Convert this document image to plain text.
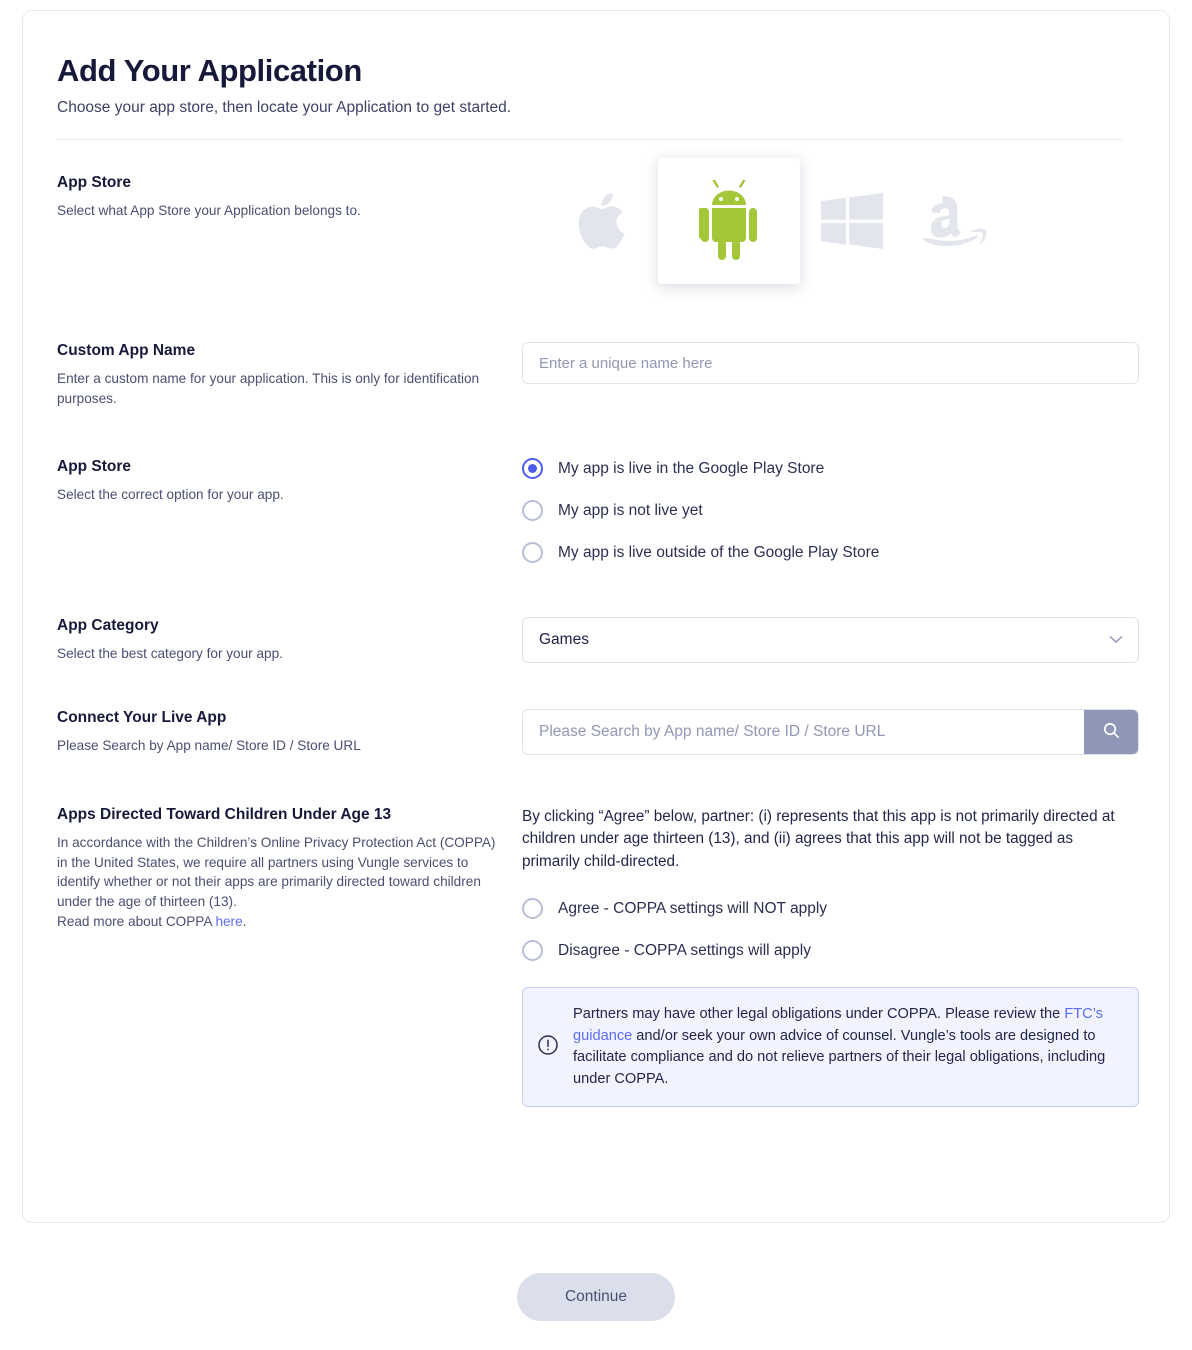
Add Your Application

Choose your app store, then locate your Application to get started.

App Store
Select what App Store your Application belongs to.
Custom App Name
Enter a custom name for your application. This is only for identification purposes.
Enter a unique name here
App Store
Select the correct option for your app.
My app is live in the Google Play Store
My app is not live yet
My app is live outside of the Google Play Store
App Category
Select the best category for your app.
Games
Connect Your Live App
Please Search by App name/ Store ID / Store URL
Please Search by App name/ Store ID / Store URL
Apps Directed Toward Children Under Age 13
In accordance with the Children’s Online Privacy Protection Act (COPPA) in the United States, we require all partners using Vungle services to identify whether or not their apps are primarily directed toward children under the age of thirteen (13).
Read more about COPPA here.
By clicking “Agree” below, partner: (i) represents that this app is not primarily directed at children under age thirteen (13), and (ii) agrees that this app will not be tagged as primarily child-directed.
Agree - COPPA settings will NOT apply
Disagree - COPPA settings will apply
Partners may have other legal obligations under COPPA. Please review the FTC’s guidance and/or seek your own advice of counsel. Vungle’s tools are designed to facilitate compliance and do not relieve partners of their legal obligations, including under COPPA.
Continue
